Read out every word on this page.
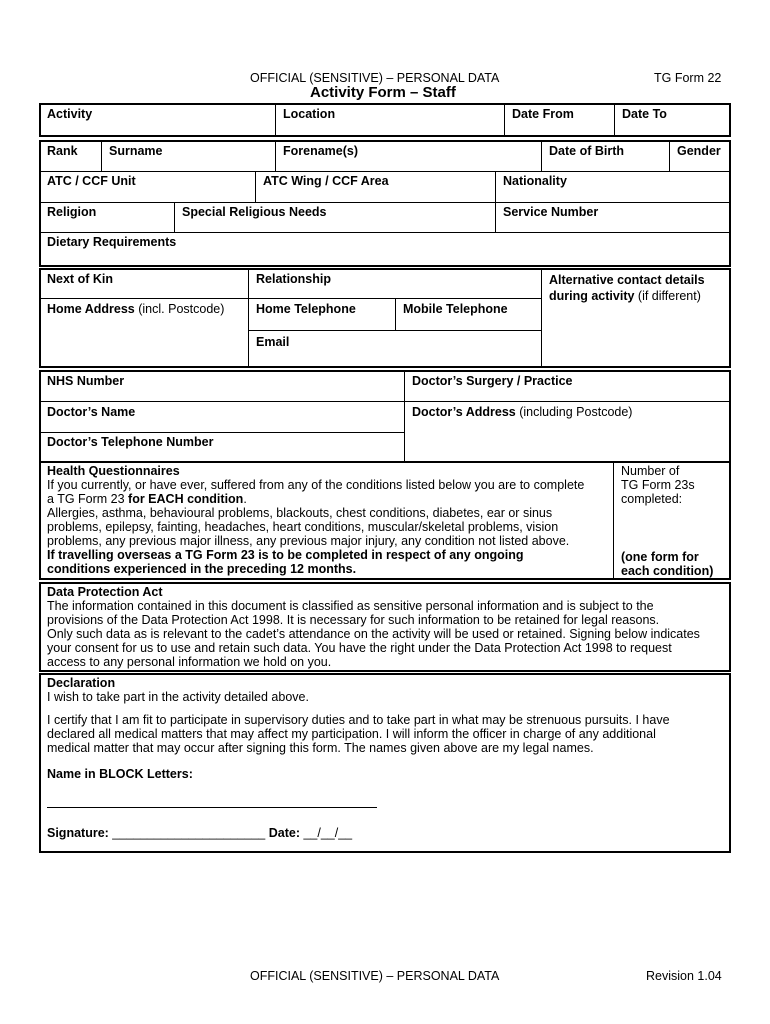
OFFICIAL (SENSITIVE) – PERSONAL DATA	TG Form 22
Activity Form – Staff
Activity	Location	Date From	Date To
Rank	Surname	Forename(s)	Date of Birth	Gender
ATC / CCF Unit	ATC Wing / CCF Area	Nationality
Religion	Special Religious Needs	Service Number
Dietary Requirements
Next of Kin	Relationship	Alternative contact details
during activity (if different)
Home Address (incl. Postcode)	Home Telephone	Mobile Telephone
Email
NHS Number	Doctor’s Surgery / Practice
Doctor’s Name	Doctor’s Address (including Postcode)
Doctor’s Telephone Number
Health Questionnaires
If you currently, or have ever, suffered from any of the conditions listed below you are to complete
a TG Form 23 for EACH condition.
Allergies, asthma, behavioural problems, blackouts, chest conditions, diabetes, ear or sinus
problems, epilepsy, fainting, headaches, heart conditions, muscular/skeletal problems, vision
problems, any previous major illness, any previous major injury, any condition not listed above.
If travelling overseas a TG Form 23 is to be completed in respect of any ongoing
conditions experienced in the preceding 12 months.
Number of
TG Form 23s
completed:
(one form for
each condition)
Data Protection Act
The information contained in this document is classified as sensitive personal information and is subject to the
provisions of the Data Protection Act 1998. It is necessary for such information to be retained for legal reasons.
Only such data as is relevant to the cadet’s attendance on the activity will be used or retained. Signing below indicates
your consent for us to use and retain such data. You have the right under the Data Protection Act 1998 to request
access to any personal information we hold on you.
Declaration
I wish to take part in the activity detailed above.
I certify that I am fit to participate in supervisory duties and to take part in what may be strenuous pursuits. I have
declared all medical matters that may affect my participation. I will inform the officer in charge of any additional
medical matter that may occur after signing this form. The names given above are my legal names.
Name in BLOCK Letters:
Signature: ______________________ Date: __/__/__
OFFICIAL (SENSITIVE) – PERSONAL DATA	Revision 1.04
